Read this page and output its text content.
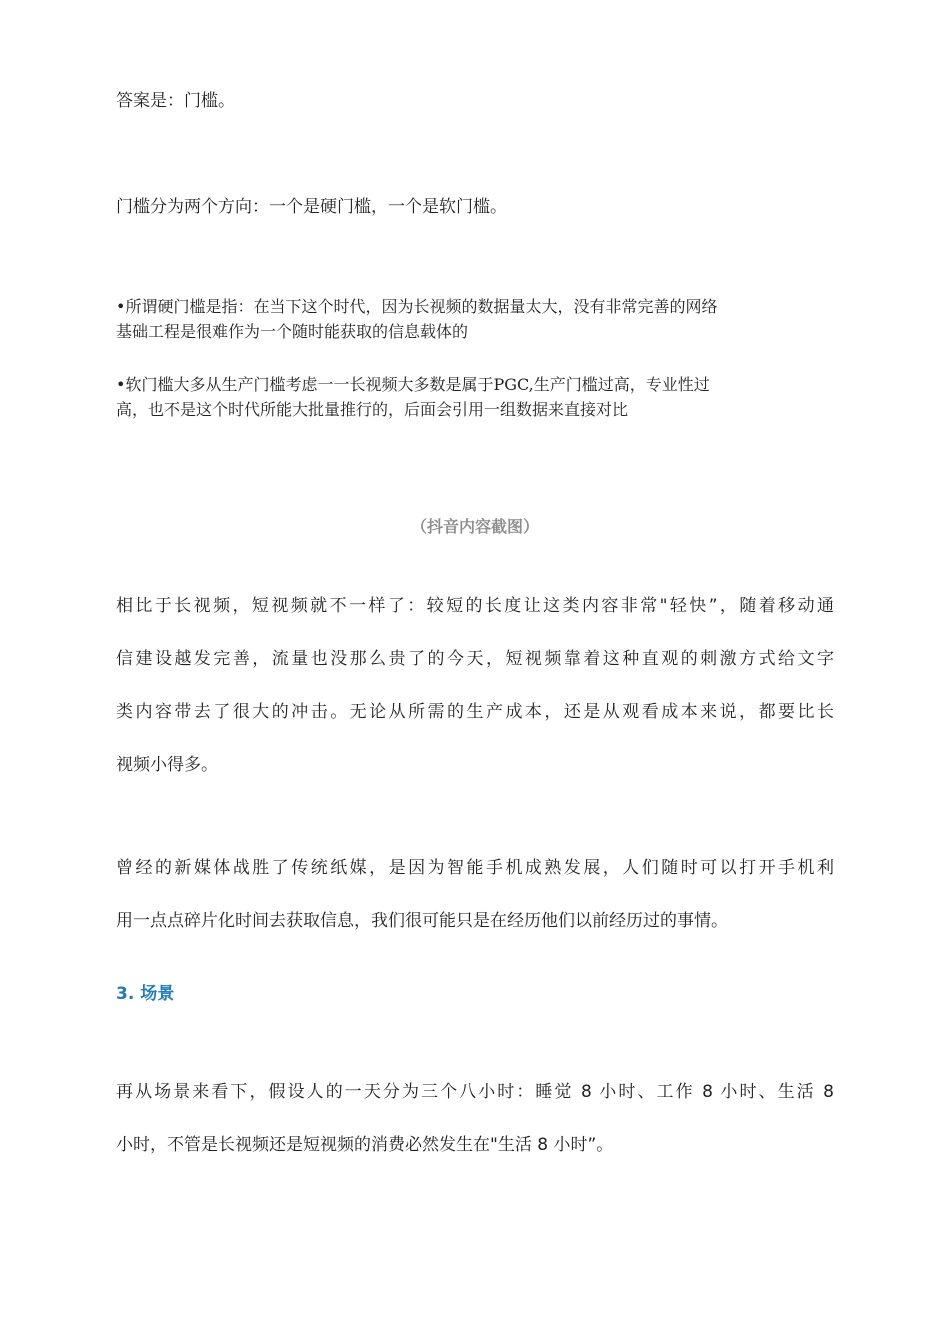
答案是：门槛。

门槛分为两个方向：一个是硬门槛，一个是软门槛。

•所谓硬门槛是指：在当下这个时代，因为长视频的数据量太大，没有非常完善的网络

基础工程是很难作为一个随时能获取的信息载体的

•软门槛大多从生产门槛考虑一一长视频大多数是属于PGC,生产门槛过高，专业性过

高，也不是这个时代所能大批量推行的，后面会引用一组数据来直接对比

（抖音内容截图）

相比于长视频，短视频就不一样了：较短的长度让这类内容非常"轻快”，随着移动通

信建设越发完善，流量也没那么贵了的今天，短视频靠着这种直观的刺激方式给文字

类内容带去了很大的冲击。无论从所需的生产成本，还是从观看成本来说，都要比长

视频小得多。

曾经的新媒体战胜了传统纸媒，是因为智能手机成熟发展，人们随时可以打开手机利

用一点点碎片化时间去获取信息，我们很可能只是在经历他们以前经历过的事情。

3. 场景

再从场景来看下，假设人的一天分为三个八小时：睡觉 8 小时、工作 8 小时、生活 8

小时，不管是长视频还是短视频的消费必然发生在"生活 8 小时”。
